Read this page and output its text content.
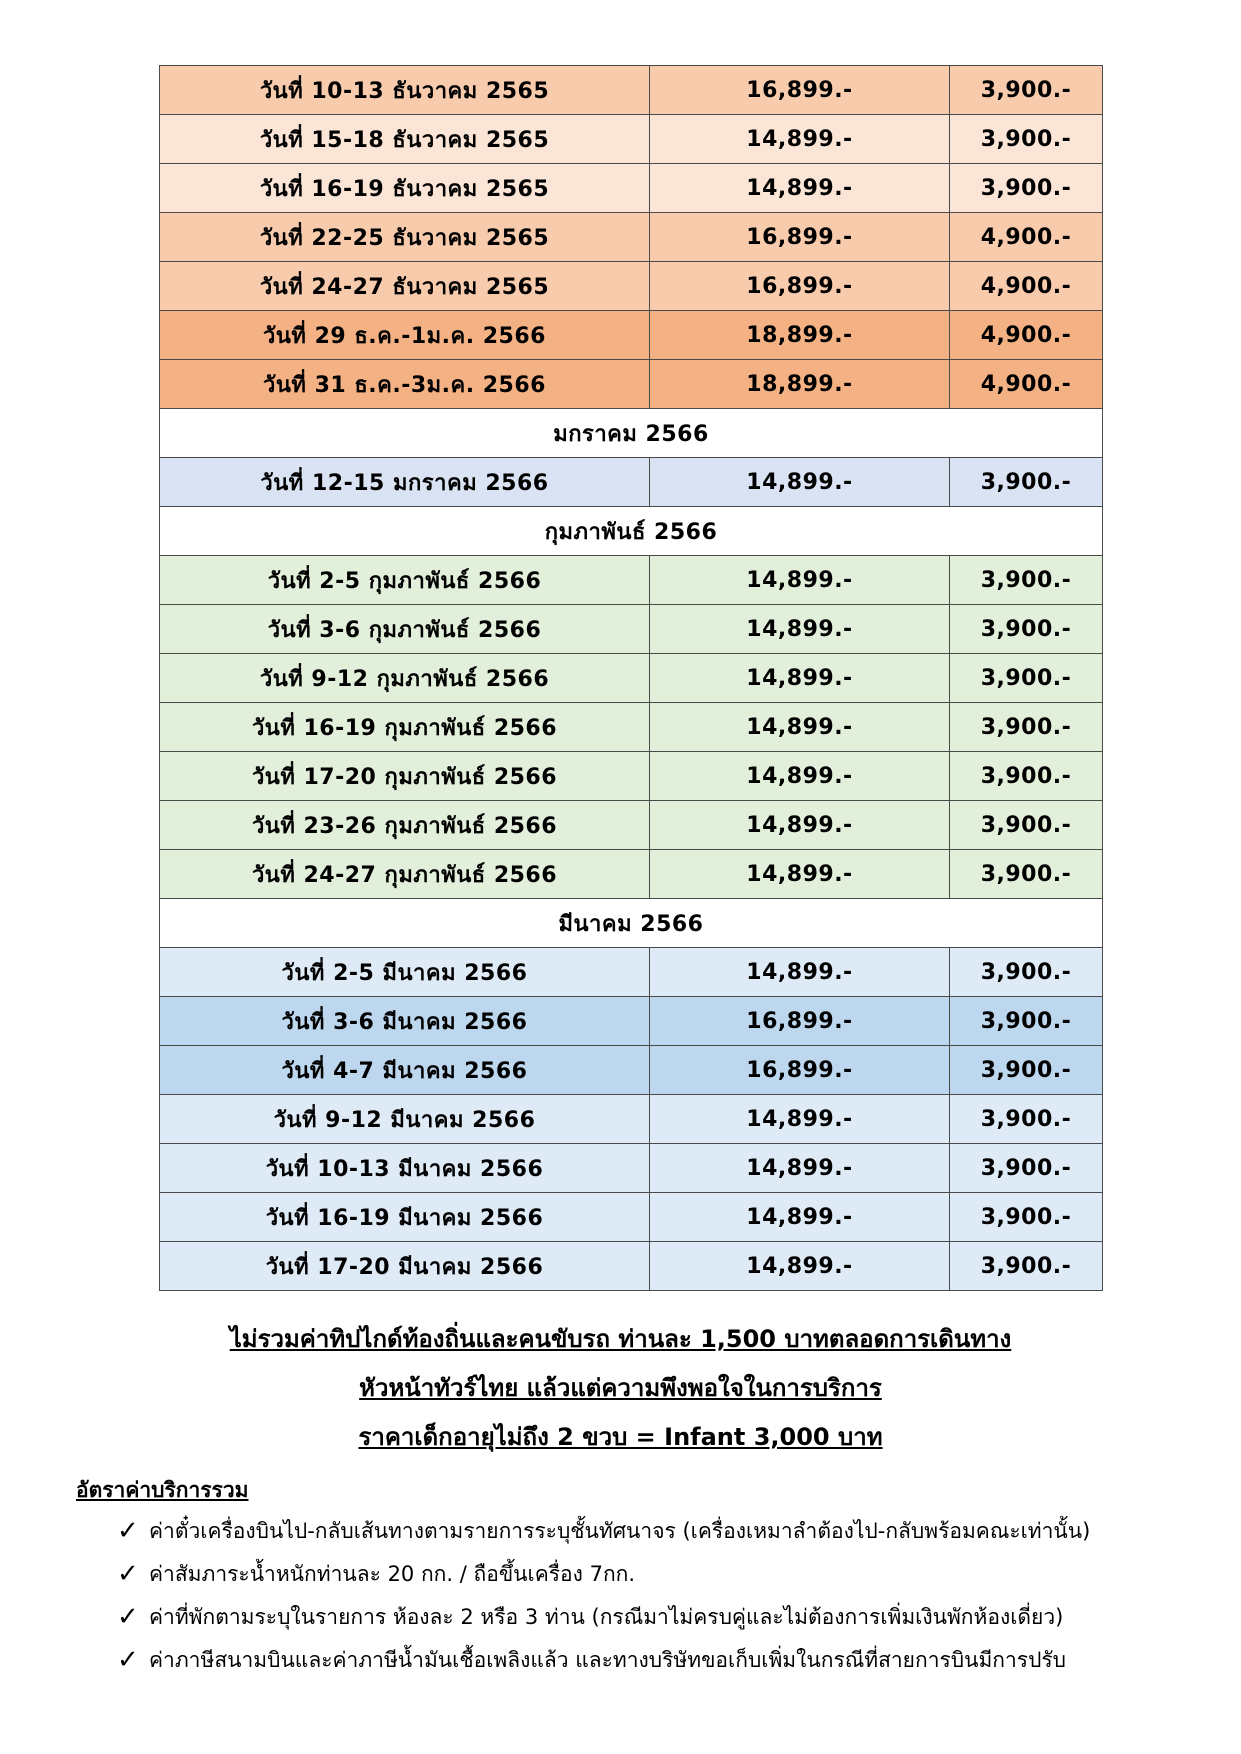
วันที่ 10-13 ธันวาคม 2565	16,899.-	3,900.-
วันที่ 15-18 ธันวาคม 2565	14,899.-	3,900.-
วันที่ 16-19 ธันวาคม 2565	14,899.-	3,900.-
วันที่ 22-25 ธันวาคม 2565	16,899.-	4,900.-
วันที่ 24-27 ธันวาคม 2565	16,899.-	4,900.-
วันที่ 29 ธ.ค.-1ม.ค. 2566	18,899.-	4,900.-
วันที่ 31 ธ.ค.-3ม.ค. 2566	18,899.-	4,900.-
มกราคม 2566		
วันที่ 12-15 มกราคม 2566	14,899.-	3,900.-
กุมภาพันธ์ 2566		
วันที่ 2-5 กุมภาพันธ์ 2566	14,899.-	3,900.-
วันที่ 3-6 กุมภาพันธ์ 2566	14,899.-	3,900.-
วันที่ 9-12 กุมภาพันธ์ 2566	14,899.-	3,900.-
วันที่ 16-19 กุมภาพันธ์ 2566	14,899.-	3,900.-
วันที่ 17-20 กุมภาพันธ์ 2566	14,899.-	3,900.-
วันที่ 23-26 กุมภาพันธ์ 2566	14,899.-	3,900.-
วันที่ 24-27 กุมภาพันธ์ 2566	14,899.-	3,900.-
มีนาคม 2566		
วันที่ 2-5 มีนาคม 2566	14,899.-	3,900.-
วันที่ 3-6 มีนาคม 2566	16,899.-	3,900.-
วันที่ 4-7 มีนาคม 2566	16,899.-	3,900.-
วันที่ 9-12 มีนาคม 2566	14,899.-	3,900.-
วันที่ 10-13 มีนาคม 2566	14,899.-	3,900.-
วันที่ 16-19 มีนาคม 2566	14,899.-	3,900.-
วันที่ 17-20 มีนาคม 2566	14,899.-	3,900.-
ไม่รวมค่าทิปไกด์ท้องถิ่นและคนขับรถ ท่านละ 1,500 บาทตลอดการเดินทาง
หัวหน้าทัวร์ไทย แล้วแต่ความพึงพอใจในการบริการ
ราคาเด็กอายุไม่ถึง 2 ขวบ = Infant 3,000 บาท
อัตราค่าบริการรวม
✓ ค่าตั๋วเครื่องบินไป-กลับเส้นทางตามรายการระบุชั้นทัศนาจร (เครื่องเหมาลำต้องไป-กลับพร้อมคณะเท่านั้น)
✓ ค่าสัมภาระน้ำหนักท่านละ 20 กก. / ถือขึ้นเครื่อง 7กก.
✓ ค่าที่พักตามระบุในรายการ ห้องละ 2 หรือ 3 ท่าน (กรณีมาไม่ครบคู่และไม่ต้องการเพิ่มเงินพักห้องเดี่ยว)
✓ ค่าภาษีสนามบินและค่าภาษีน้ำมันเชื้อเพลิงแล้ว และทางบริษัทขอเก็บเพิ่มในกรณีที่สายการบินมีการปรับ
